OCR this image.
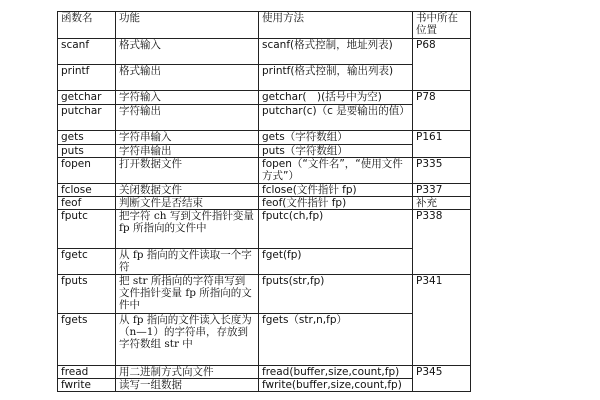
函数名	功能	使用方法	书中所在位置
scanf	格式输入	scanf(格式控制，地址列表)	P68
printf	格式输出	printf(格式控制，输出列表)	
getchar	字符输入	getchar(　)(括号中为空)	P78
putchar	字符输出	putchar(c)（c 是要输出的值）	
gets	字符串输入	gets（字符数组）	P161
puts	字符串输出	puts（字符数组）	
fopen	打开数据文件	fopen（“文件名”，“使用文件方式”）	P335
fclose	关闭数据文件	fclose(文件指针 fp)	P337
feof	判断文件是否结束	feof(文件指针 fp)	补充
fputc	把字符 ch 写到文件指针变量 fp 所指向的文件中	fputc(ch,fp)	P338
fgetc	从 fp 指向的文件读取一个字符	fget(fp)	
fputs	把 str 所指向的字符串写到文件指针变量 fp 所指向的文件中	fputs(str,fp)	P341
fgets	从 fp 指向的文件读入长度为（n—1）的字符串，存放到字符数组 str 中	fgets（str,n,fp）	
fread	用二进制方式向文件	fread(buffer,size,count,fp)	P345
fwrite	读写一组数据	fwrite(buffer,size,count,fp)	
